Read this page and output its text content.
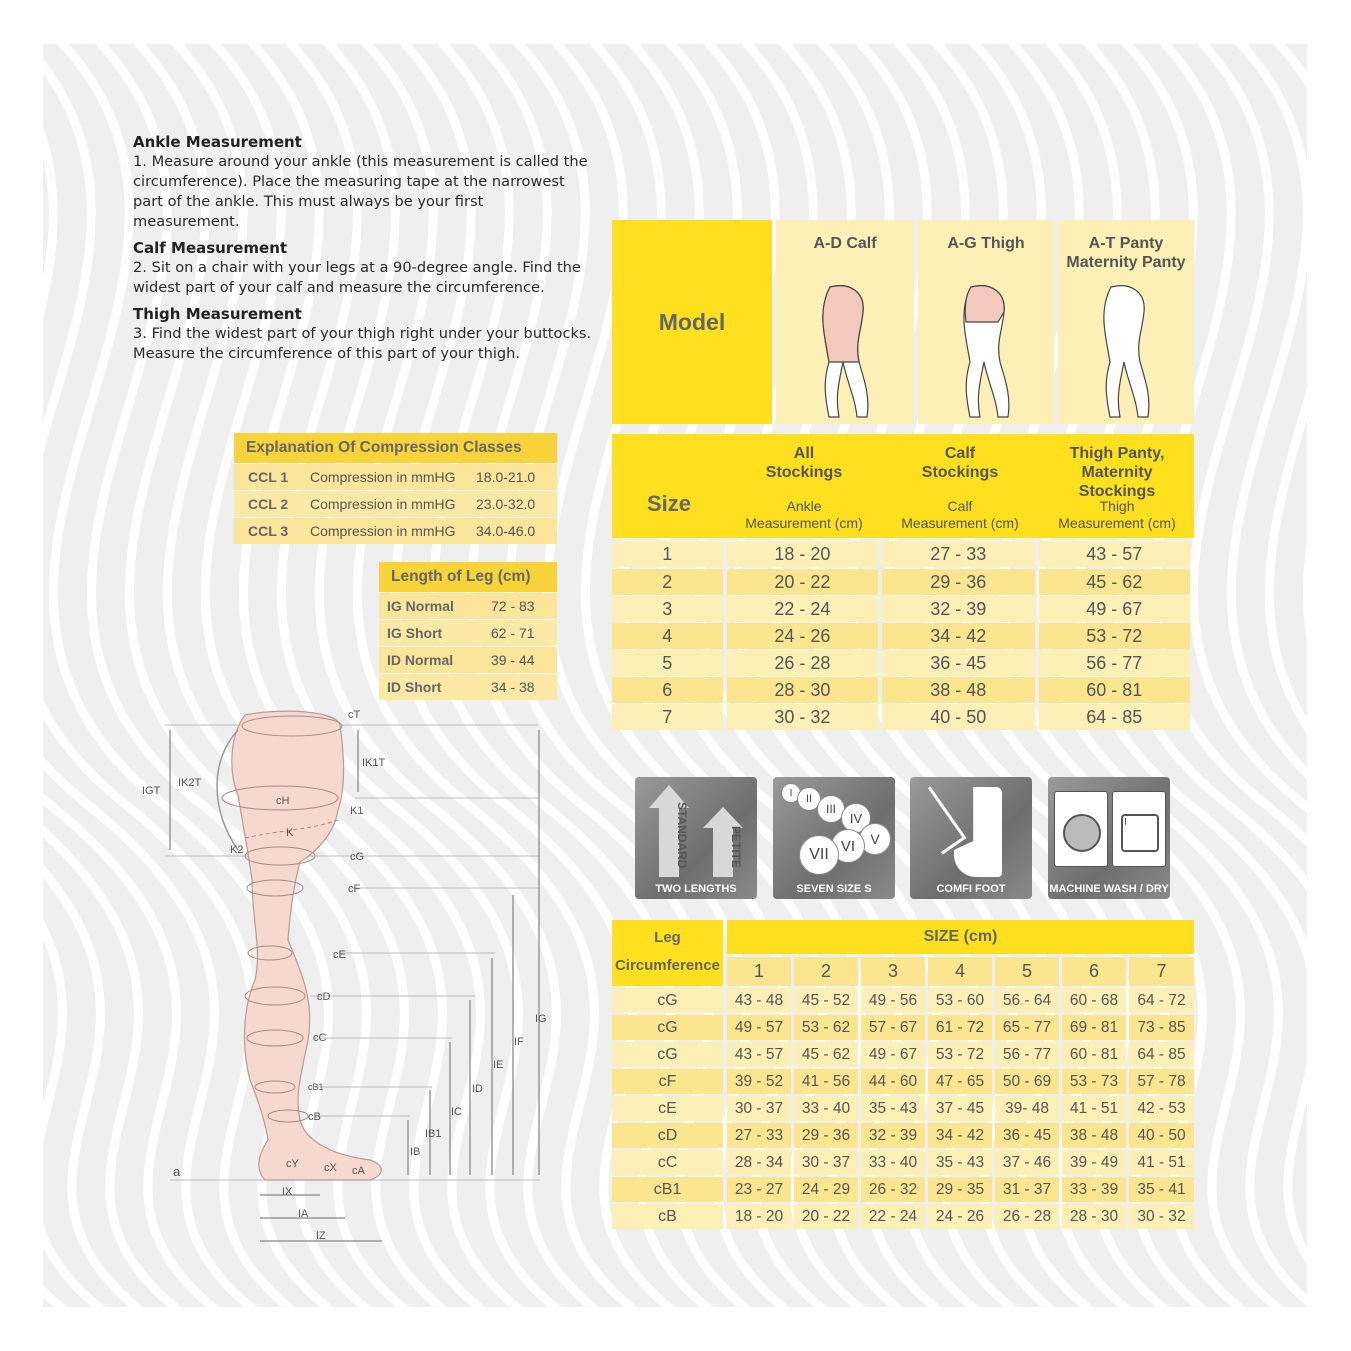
Ankle Measurement

1. Measure around your ankle (this measurement is called the circumference). Place the measuring tape at the narrowest part of the ankle. This must always be your first measurement.

Calf Measurement

2. Sit on a chair with your legs at a 90-degree angle. Find the widest part of your calf and measure the circumference.

Thigh Measurement

3. Find the widest part of your thigh right under your buttocks. Measure the circumference of this part of your thigh.

Explanation Of Compression Classes
CCL 1	Compression in mmHG	18.0-21.0
CCL 2	Compression in mmHG	23.0-32.0
CCL 3	Compression in mmHG	34.0-46.0
Length of Leg (cm)
IG Normal	72 - 83
IG Short	62 - 71
ID Normal	39 - 44
ID Short	34 - 38
cT
IK1T
IGT
IK2T
cH
K1
K
K2
cG
cF
cE
cD
cC
cB1
cB
cY cX cA
a
IX
IA
IZ
IB
IB1
IC
ID
IE
IF
IG
Model
Size
All
Stockings
Ankle
Measurement (cm)
Calf
Stockings
Calf
Measurement (cm)
Thigh Panty,
Maternity
Stockings
Thigh
Measurement (cm)
1	18 - 20	27 - 33	43 - 57
2	20 - 22	29 - 36	45 - 62
3	22 - 24	32 - 39	49 - 67
4	24 - 26	34 - 42	53 - 72
5	26 - 28	36 - 45	56 - 77
6	28 - 30	38 - 48	60 - 81
7	30 - 32	40 - 50	64 - 85
STANDARD	PETITE
TWO LENGTHS
I	II
III
IV
V
VI
VII
SEVEN SIZE S	COMFI FOOT
I
MACHINE WASH / DRY
Leg
Circumference
SIZE (cm)
1	2	3	4	5	6	7
cG	43 - 48	45 - 52	49 - 56	53 - 60	56 - 64	60 - 68	64 - 72
cG	49 - 57	53 - 62	57 - 67	61 - 72	65 - 77	69 - 81	73 - 85
cG	43 - 57	45 - 62	49 - 67	53 - 72	56 - 77	60 - 81	64 - 85
cF	39 - 52	41 - 56	44 - 60	47 - 65	50 - 69	53 - 73	57 - 78
cE	30 - 37	33 - 40	35 - 43	37 - 45	39- 48	41 - 51	42 - 53
cD	27 - 33	29 - 36	32 - 39	34 - 42	36 - 45	38 - 48	40 - 50
cC	28 - 34	30 - 37	33 - 40	35 - 43	37 - 46	39 - 49	41 - 51
cB1	23 - 27	24 - 29	26 - 32	29 - 35	31 - 37	33 - 39	35 - 41
cB	18 - 20	20 - 22	22 - 24	24 - 26	26 - 28	28 - 30	30 - 32
A-D Calf	A-G Thigh	A-T Panty
Maternity Panty
